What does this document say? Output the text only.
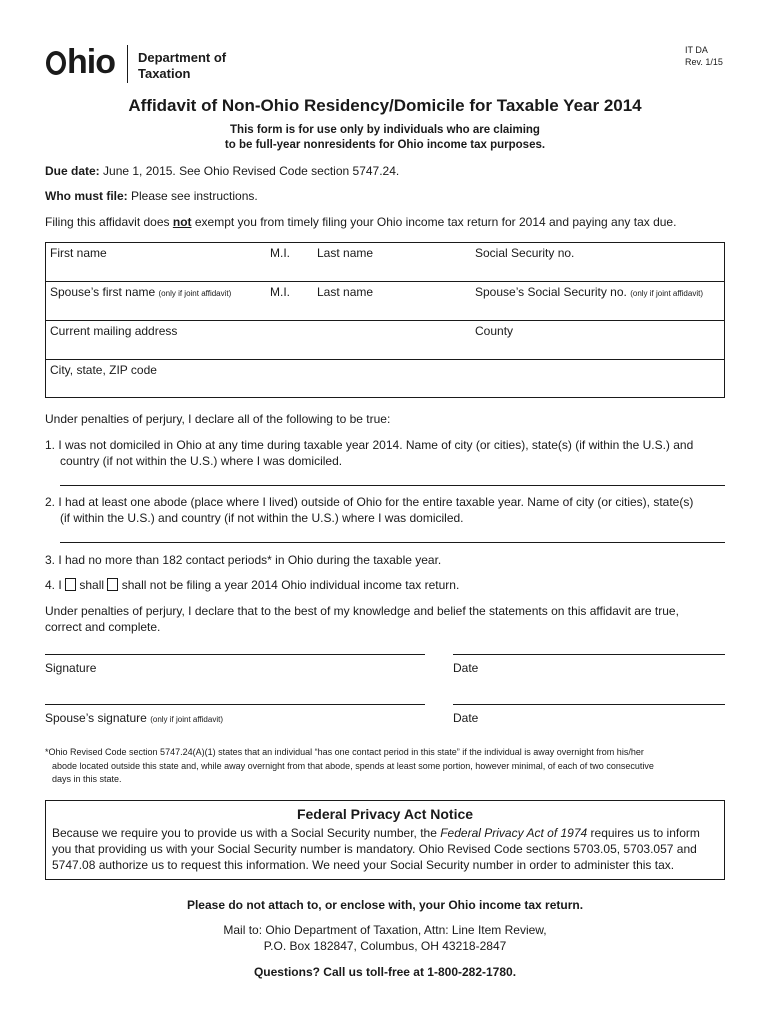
hio Department of
Taxation
IT DA
Rev. 1/15
Affidavit of Non-Ohio Residency/Domicile for Taxable Year 2014
This form is for use only by individuals who are claiming
to be full-year nonresidents for Ohio income tax purposes.
Due date: June 1, 2015. See Ohio Revised Code section 5747.24.
Who must file: Please see instructions.
Filing this affidavit does not exempt you from timely filing your Ohio income tax return for 2014 and paying any tax due.
First name	M.I. Last name	Social Security no.
Spouse’s first name (only if joint affidavit)	M.I. Last name	Spouse’s Social Security no. (only if joint affidavit)
Current mailing address	County
City, state, ZIP code
Under penalties of perjury, I declare all of the following to be true:
1. I was not domiciled in Ohio at any time during taxable year 2014. Name of city (or cities), state(s) (if within the U.S.) and
country (if not within the U.S.) where I was domiciled.
2. I had at least one abode (place where I lived) outside of Ohio for the entire taxable year. Name of city (or cities), state(s)
(if within the U.S.) and country (if not within the U.S.) where I was domiciled.
3. I had no more than 182 contact periods* in Ohio during the taxable year.
4. I shall shall not be filing a year 2014 Ohio individual income tax return.
Under penalties of perjury, I declare that to the best of my knowledge and belief the statements on this affidavit are true,
correct and complete.
Signature	Date
Spouse’s signature (only if joint affidavit)	Date
*Ohio Revised Code section 5747.24(A)(1) states that an individual “has one contact period in this state” if the individual is away overnight from his/her
abode located outside this state and, while away overnight from that abode, spends at least some portion, however minimal, of each of two consecutive
days in this state.
Federal Privacy Act Notice
Because we require you to provide us with a Social Security number, the Federal Privacy Act of 1974 requires us to inform
you that providing us with your Social Security number is mandatory. Ohio Revised Code sections 5703.05, 5703.057 and
5747.08 authorize us to request this information. We need your Social Security number in order to administer this tax.
Please do not attach to, or enclose with, your Ohio income tax return.
Mail to: Ohio Department of Taxation, Attn: Line Item Review,
P.O. Box 182847, Columbus, OH 43218-2847
Questions? Call us toll-free at 1-800-282-1780.
